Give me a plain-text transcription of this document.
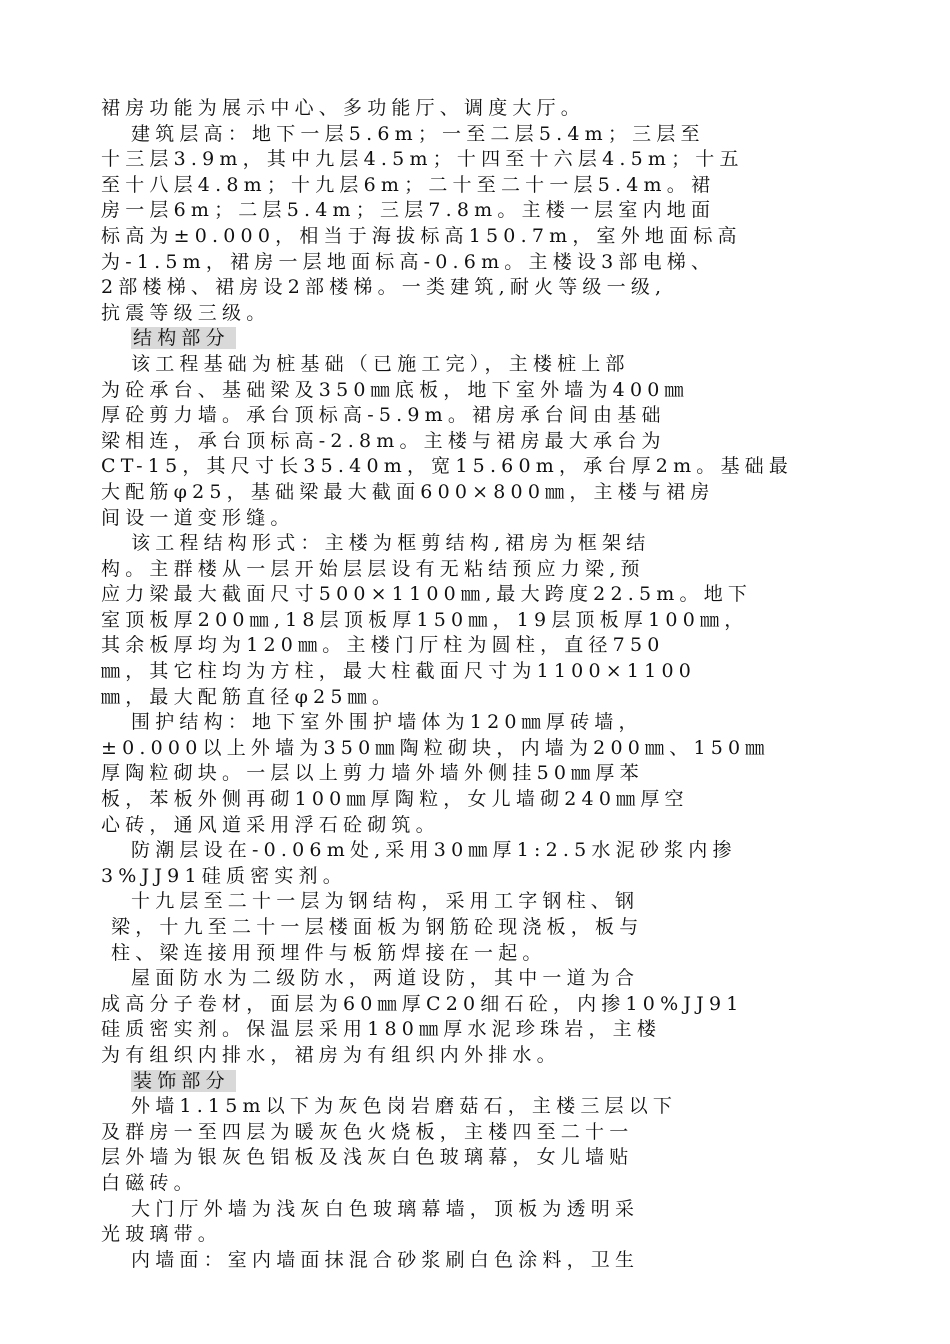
裙房功能为展示中心、多功能厅、调度大厅。
建筑层高：地下一层5.6m；一至二层5.4m；三层至
十三层3.9m，其中九层4.5m；十四至十六层4.5m；十五
至十八层4.8m；十九层6m；二十至二十一层5.4m。裙
房一层6m；二层5.4m；三层7.8m。主楼一层室内地面
标高为±0.000，相当于海拔标高150.7m，室外地面标高
为-1.5m，裙房一层地面标高-0.6m。主楼设3部电梯、
2部楼梯、裙房设2部楼梯。一类建筑,耐火等级一级,
抗震等级三级。
结构部分
该工程基础为桩基础（已施工完），主楼桩上部
为砼承台、基础梁及350㎜底板，地下室外墙为400㎜
厚砼剪力墙。承台顶标高-5.9m。裙房承台间由基础
梁相连，承台顶标高-2.8m。主楼与裙房最大承台为
CT-15，其尺寸长35.40m，宽15.60m，承台厚2m。基础最
大配筋φ25，基础梁最大截面600×800㎜，主楼与裙房
间设一道变形缝。
该工程结构形式：主楼为框剪结构,裙房为框架结
构。主群楼从一层开始层层设有无粘结预应力梁,预
应力梁最大截面尺寸500×1100㎜,最大跨度22.5m。地下
室顶板厚200㎜,18层顶板厚150㎜，19层顶板厚100㎜，
其余板厚均为120㎜。主楼门厅柱为圆柱，直径750
㎜，其它柱均为方柱，最大柱截面尺寸为1100×1100
㎜，最大配筋直径φ25㎜。
围护结构：地下室外围护墙体为120㎜厚砖墙，
±0.000以上外墙为350㎜陶粒砌块，内墙为200㎜、150㎜
厚陶粒砌块。一层以上剪力墙外墙外侧挂50㎜厚苯
板，苯板外侧再砌100㎜厚陶粒，女儿墙砌240㎜厚空
心砖，通风道采用浮石砼砌筑。
防潮层设在-0.06m处,采用30㎜厚1:2.5水泥砂浆内掺
3%JJ91硅质密实剂。
十九层至二十一层为钢结构，采用工字钢柱、钢
梁，十九至二十一层楼面板为钢筋砼现浇板，板与
柱、梁连接用预埋件与板筋焊接在一起。
屋面防水为二级防水，两道设防，其中一道为合
成高分子卷材，面层为60㎜厚C20细石砼，内掺10%JJ91
硅质密实剂。保温层采用180㎜厚水泥珍珠岩，主楼
为有组织内排水，裙房为有组织内外排水。
装饰部分
外墙1.15m以下为灰色岗岩磨菇石，主楼三层以下
及群房一至四层为暖灰色火烧板，主楼四至二十一
层外墙为银灰色铝板及浅灰白色玻璃幕，女儿墙贴
白磁砖。
大门厅外墙为浅灰白色玻璃幕墙，顶板为透明采
光玻璃带。
内墙面：室内墙面抹混合砂浆刷白色涂料，卫生
